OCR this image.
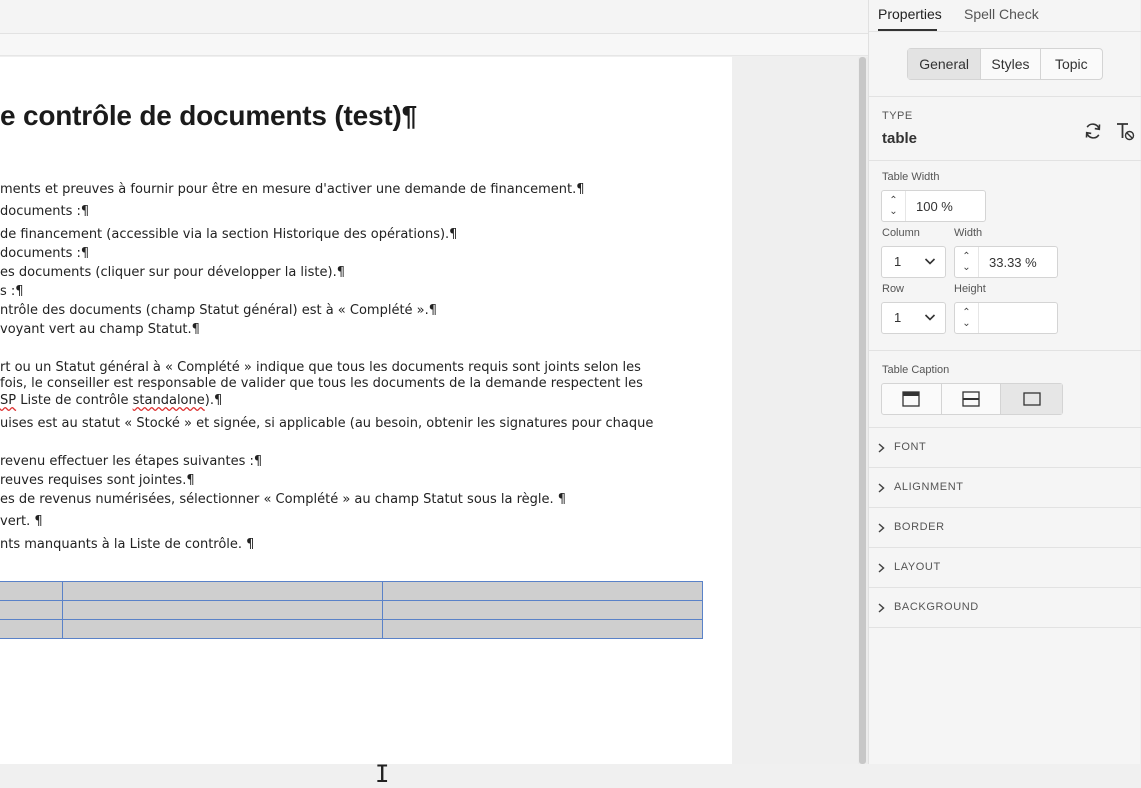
e contrôle de documents (test)¶
ments et preuves à fournir pour être en mesure d'activer une demande de financement.¶
documents :¶
de financement (accessible via la section Historique des opérations).¶
documents :¶
es documents (cliquer sur pour développer la liste).¶
s :¶
ntrôle des documents (champ Statut général) est à « Complété ».¶
voyant vert au champ Statut.¶
rt ou un Statut général à « Complété » indique que tous les documents requis sont joints selon les
fois, le conseiller est responsable de valider que tous les documents de la demande respectent les
SP Liste de contrôle standalone).¶
uises est au statut « Stocké » et signée, si applicable (au besoin, obtenir les signatures pour chaque
revenu effectuer les étapes suivantes :¶
reuves requises sont jointes.¶
es de revenus numérisées, sélectionner « Complété » au champ Statut sous la règle. ¶
vert. ¶
nts manquants à la Liste de contrôle. ¶

I
Properties Spell Check
General	Styles	Topic
TYPE
table
Table Width
⌃
⌄
100 %
Column
1
Width
⌃
⌄
33.33 %
Row
1
Height
⌃
⌄
Table Caption
FONT
ALIGNMENT
BORDER
LAYOUT
BACKGROUND
